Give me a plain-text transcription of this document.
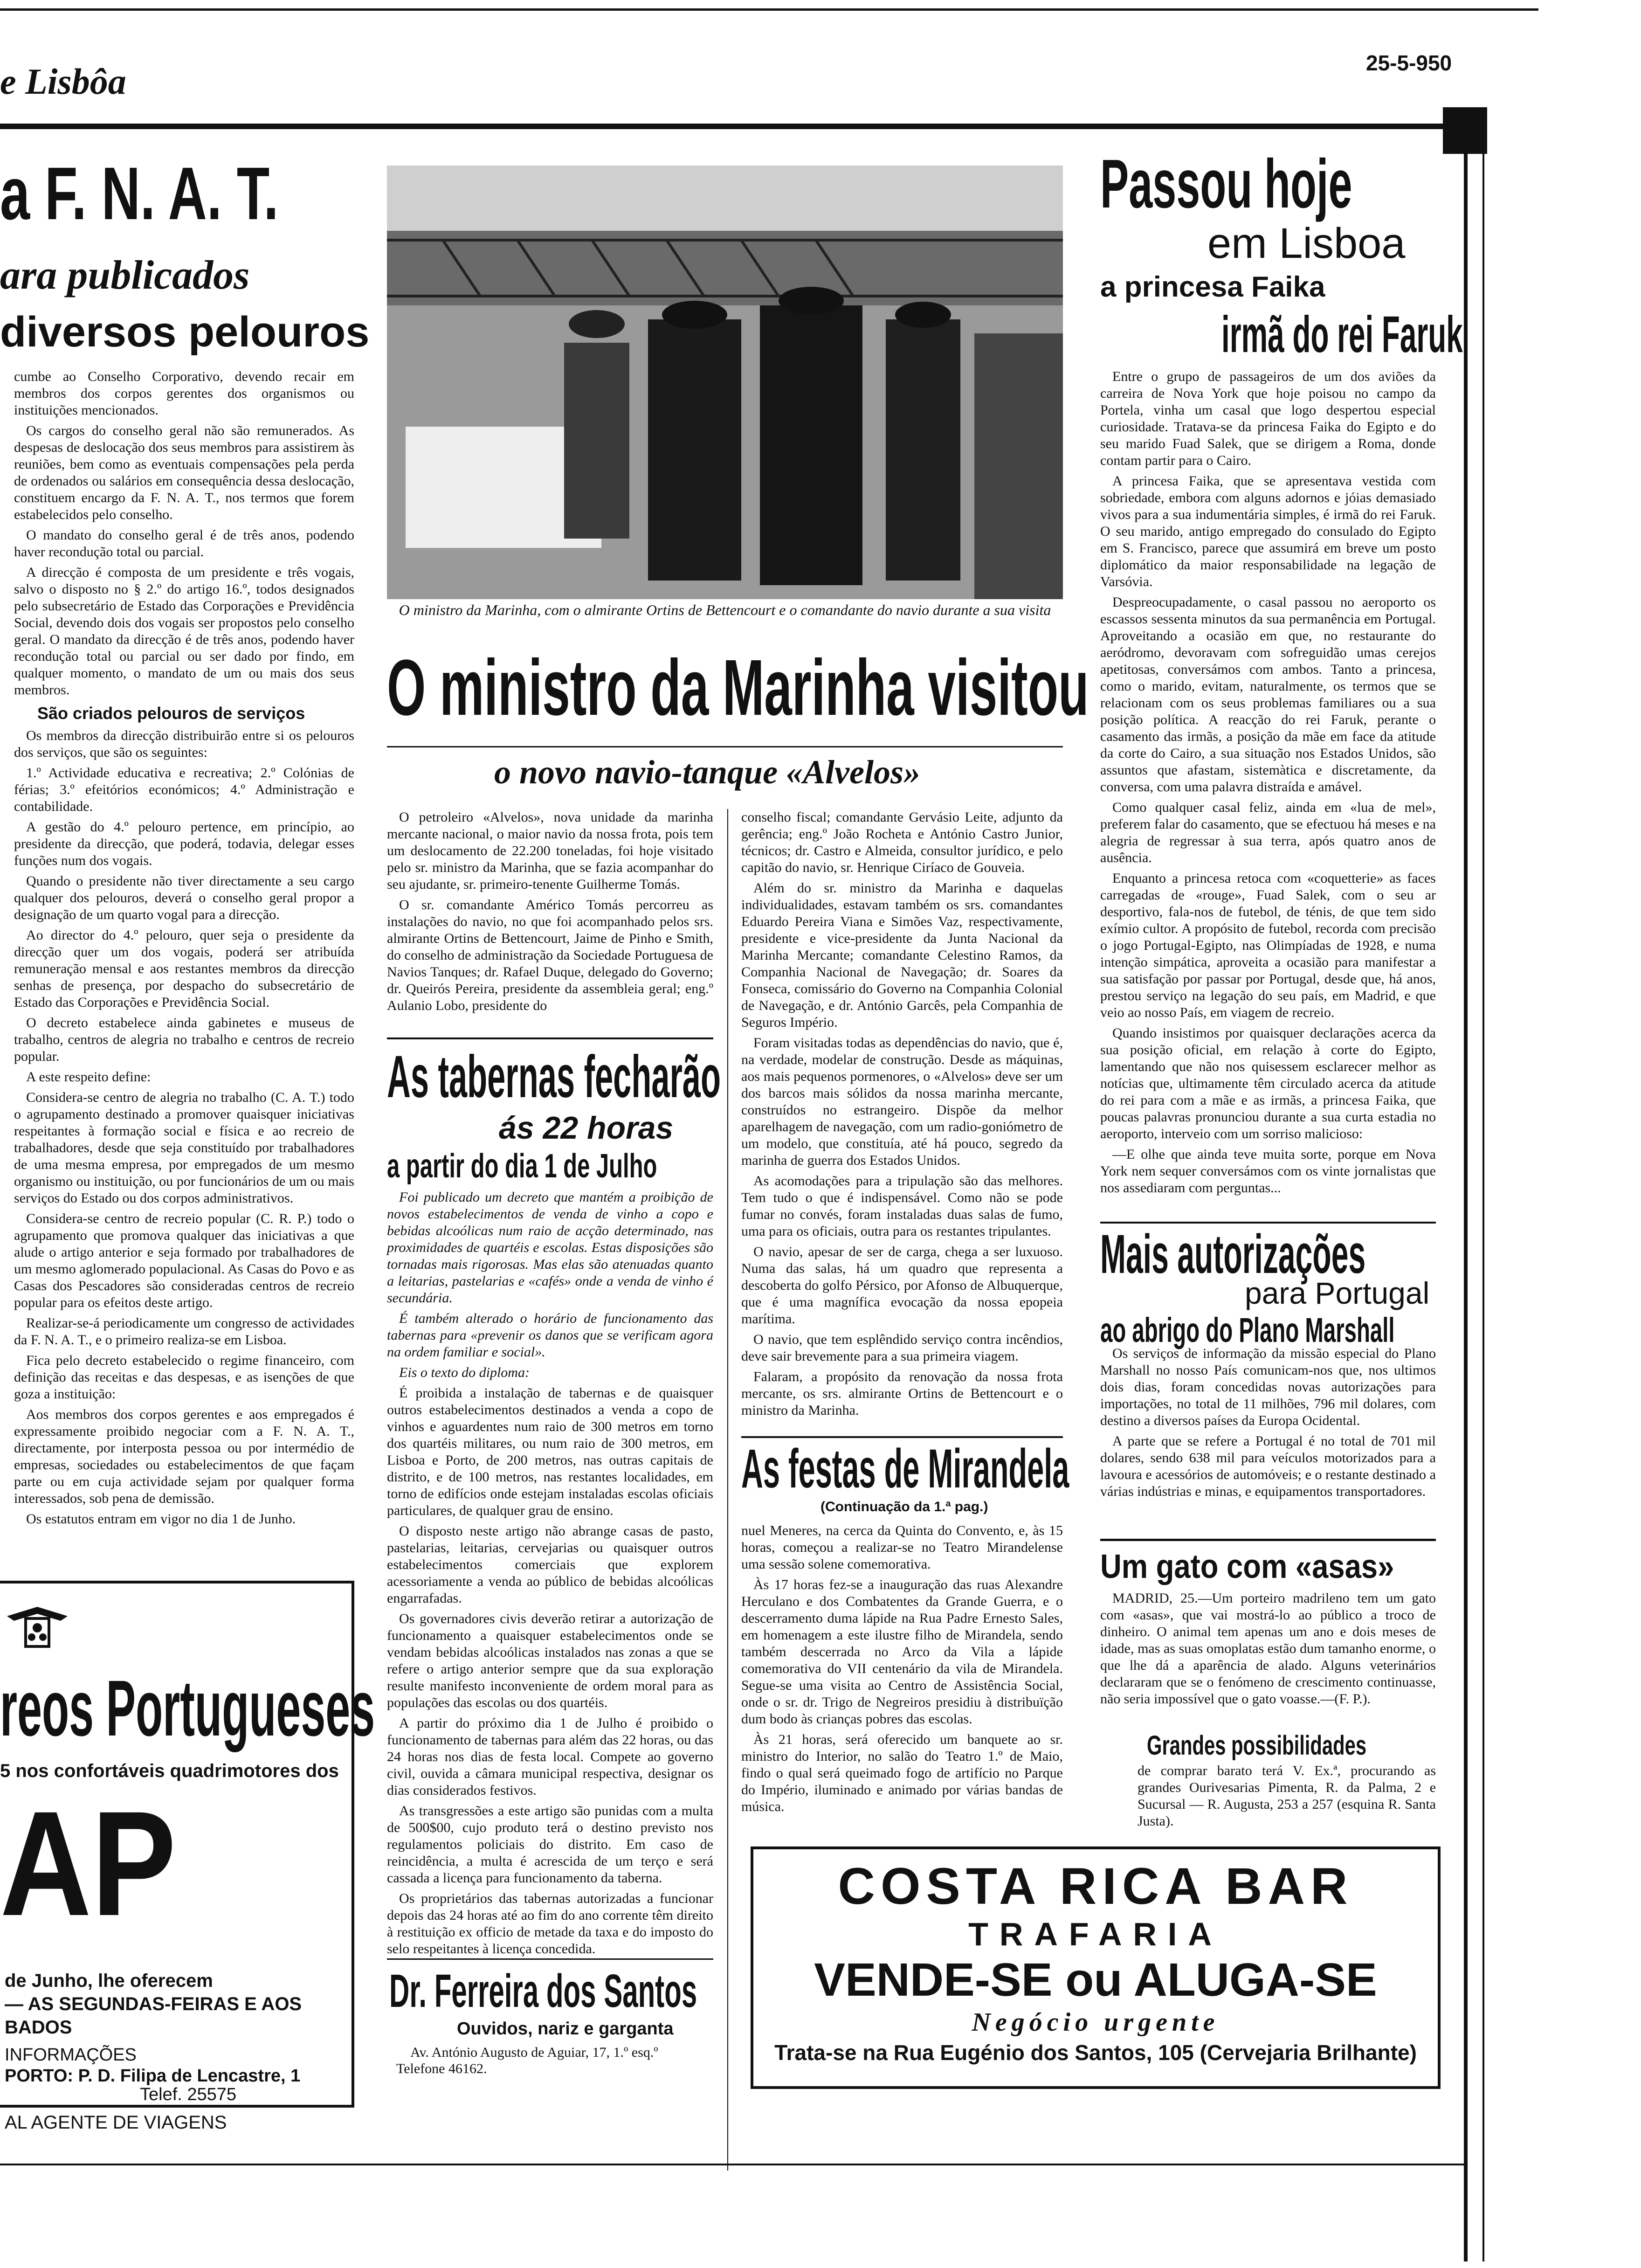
e Lisbôa	25-5-950
a F. N. A. T.
ara publicados
diversos pelouros

cumbe ao Conselho Corporativo, devendo recair em membros dos corpos gerentes dos organismos ou instituições mencionados.

Os cargos do conselho geral não são remunerados. As despesas de deslocação dos seus membros para assistirem às reuniões, bem como as eventuais compensações pela perda de ordenados ou salários em consequência dessa deslocação, constituem encargo da F. N. A. T., nos termos que forem estabelecidos pelo conselho.

O mandato do conselho geral é de três anos, podendo haver recondução total ou parcial.

A direcção é composta de um presidente e três vogais, salvo o disposto no § 2.º do artigo 16.º, todos designados pelo subsecretário de Estado das Corporações e Previdência Social, devendo dois dos vogais ser propostos pelo conselho geral. O mandato da direcção é de três anos, podendo haver recondução total ou parcial ou ser dado por findo, em qualquer momento, o mandato de um ou mais dos seus membros.

São criados pelouros de serviços

Os membros da direcção distribuirão entre si os pelouros dos serviços, que são os seguintes:

1.º Actividade educativa e recreativa; 2.º Colónias de férias; 3.º efeitórios económicos; 4.º Administração e contabilidade.

A gestão do 4.º pelouro pertence, em princípio, ao presidente da direcção, que poderá, todavia, delegar esses funções num dos vogais.

Quando o presidente não tiver directamente a seu cargo qualquer dos pelouros, deverá o conselho geral propor a designação de um quarto vogal para a direcção.

Ao director do 4.º pelouro, quer seja o presidente da direcção quer um dos vogais, poderá ser atribuída remuneração mensal e aos restantes membros da direcção senhas de presença, por despacho do subsecretário de Estado das Corporações e Previdência Social.

O decreto estabelece ainda gabinetes e museus de trabalho, centros de alegria no trabalho e centros de recreio popular.

A este respeito define:

Considera-se centro de alegria no trabalho (C. A. T.) todo o agrupamento destinado a promover quaisquer iniciativas respeitantes à formação social e física e ao recreio de trabalhadores, desde que seja constituído por trabalhadores de uma mesma empresa, por empregados de um mesmo organismo ou instituição, ou por funcionários de um ou mais serviços do Estado ou dos corpos administrativos.

Considera-se centro de recreio popular (C. R. P.) todo o agrupamento que promova qualquer das iniciativas a que alude o artigo anterior e seja formado por trabalhadores de um mesmo aglomerado populacional. As Casas do Povo e as Casas dos Pescadores são consideradas centros de recreio popular para os efeitos deste artigo.

Realizar-se-á periodicamente um congresso de actividades da F. N. A. T., e o primeiro realiza-se em Lisboa.

Fica pelo decreto estabelecido o regime financeiro, com definição das receitas e das despesas, e as isenções de que goza a instituição:

Aos membros dos corpos gerentes e aos empregados é expressamente proibido negociar com a F. N. A. T., directamente, por interposta pessoa ou por intermédio de empresas, sociedades ou estabelecimentos de que façam parte ou em cuja actividade sejam por qualquer forma interessados, sob pena de demissão.

Os estatutos entram em vigor no dia 1 de Junho.

reos Portugueses
5 nos confortáveis quadrimotores dos
AP
de Junho, lhe oferecem
— AS SEGUNDAS-FEIRAS E AOS
BADOS
INFORMAÇÕES
PORTO: P. D. Filipa de Lencastre, 1
Telef. 25575
AL AGENTE DE VIAGENS
O ministro da Marinha, com o almirante Ortins de Bettencourt e o comandante do navio durante a sua visita
O ministro da Marinha visitou
o novo navio-tanque «Alvelos»

O petroleiro «Alvelos», nova unidade da marinha mercante nacional, o maior navio da nossa frota, pois tem um deslocamento de 22.200 toneladas, foi hoje visitado pelo sr. ministro da Marinha, que se fazia acompanhar do seu ajudante, sr. primeiro-tenente Guilherme Tomás.

O sr. comandante Américo Tomás percorreu as instalações do navio, no que foi acompanhado pelos srs. almirante Ortins de Bettencourt, Jaime de Pinho e Smith, do conselho de administração da Sociedade Portuguesa de Navios Tanques; dr. Rafael Duque, delegado do Governo; dr. Queirós Pereira, presidente da assembleia geral; eng.º Aulanio Lobo, presidente do

conselho fiscal; comandante Gervásio Leite, adjunto da gerência; eng.º João Rocheta e António Castro Junior, técnicos; dr. Castro e Almeida, consultor jurídico, e pelo capitão do navio, sr. Henrique Ciríaco de Gouveia.

Além do sr. ministro da Marinha e daquelas individualidades, estavam também os srs. comandantes Eduardo Pereira Viana e Simões Vaz, respectivamente, presidente e vice-presidente da Junta Nacional da Marinha Mercante; comandante Celestino Ramos, da Companhia Nacional de Navegação; dr. Soares da Fonseca, comissário do Governo na Companhia Colonial de Navegação, e dr. António Garcês, pela Companhia de Seguros Império.

Foram visitadas todas as dependências do navio, que é, na verdade, modelar de construção. Desde as máquinas, aos mais pequenos pormenores, o «Alvelos» deve ser um dos barcos mais sólidos da nossa marinha mercante, construídos no estrangeiro. Dispõe da melhor aparelhagem de navegação, com um radio-goniómetro de um modelo, que constituía, até há pouco, segredo da marinha de guerra dos Estados Unidos.

As acomodações para a tripulação são das melhores. Tem tudo o que é indispensável. Como não se pode fumar no convés, foram instaladas duas salas de fumo, uma para os oficiais, outra para os restantes tripulantes.

O navio, apesar de ser de carga, chega a ser luxuoso. Numa das salas, há um quadro que representa a descoberta do golfo Pérsico, por Afonso de Albuquerque, que é uma magnífica evocação da nossa epopeia marítima.

O navio, que tem esplêndido serviço contra incêndios, deve sair brevemente para a sua primeira viagem.

Falaram, a propósito da renovação da nossa frota mercante, os srs. almirante Ortins de Bettencourt e o ministro da Marinha.

As tabernas fecharão
ás 22 horas
a partir do dia 1 de Julho

Foi publicado um decreto que mantém a proibição de novos estabelecimentos de venda de vinho a copo e bebidas alcoólicas num raio de acção determinado, nas proximidades de quartéis e escolas. Estas disposições são tornadas mais rigorosas. Mas elas são atenuadas quanto a leitarias, pastelarias e «cafés» onde a venda de vinho é secundária.

É também alterado o horário de funcionamento das tabernas para «prevenir os danos que se verificam agora na ordem familiar e social».

Eis o texto do diploma:

É proibida a instalação de tabernas e de quaisquer outros estabelecimentos destinados a venda a copo de vinhos e aguardentes num raio de 300 metros em torno dos quartéis militares, ou num raio de 300 metros, em Lisboa e Porto, de 200 metros, nas outras capitais de distrito, e de 100 metros, nas restantes localidades, em torno de edifícios onde estejam instaladas escolas oficiais particulares, de qualquer grau de ensino.

O disposto neste artigo não abrange casas de pasto, pastelarias, leitarias, cervejarias ou quaisquer outros estabelecimentos comerciais que explorem acessoriamente a venda ao público de bebidas alcoólicas engarrafadas.

Os governadores civis deverão retirar a autorização de funcionamento a quaisquer estabelecimentos onde se vendam bebidas alcoólicas instalados nas zonas a que se refere o artigo anterior sempre que da sua exploração resulte manifesto inconveniente de ordem moral para as populações das escolas ou dos quartéis.

A partir do próximo dia 1 de Julho é proibido o funcionamento de tabernas para além das 22 horas, ou das 24 horas nos dias de festa local. Compete ao governo civil, ouvida a câmara municipal respectiva, designar os dias considerados festivos.

As transgressões a este artigo são punidas com a multa de 500$00, cujo produto terá o destino previsto nos regulamentos policiais do distrito. Em caso de reincidência, a multa é acrescida de um terço e será cassada a licença para funcionamento da taberna.

Os proprietários das tabernas autorizadas a funcionar depois das 24 horas até ao fim do ano corrente têm direito à restituição ex officio de metade da taxa e do imposto do selo respeitantes à licença concedida.

Dr. Ferreira dos Santos
Ouvidos, nariz e garganta
Av. António Augusto de Aguiar, 17, 1.º esq.º
Telefone 46162.
As festas de Mirandela
(Continuação da 1.ª pag.)

nuel Meneres, na cerca da Quinta do Convento, e, às 15 horas, começou a realizar-se no Teatro Mirandelense uma sessão solene comemorativa.

Às 17 horas fez-se a inauguração das ruas Alexandre Herculano e dos Combatentes da Grande Guerra, e o descerramento duma lápide na Rua Padre Ernesto Sales, em homenagem a este ilustre filho de Mirandela, sendo também descerrada no Arco da Vila a lápide comemorativa do VII centenário da vila de Mirandela. Segue-se uma visita ao Centro de Assistência Social, onde o sr. dr. Trigo de Negreiros presidiu à distribuïção dum bodo às crianças pobres das escolas.

Às 21 horas, será oferecido um banquete ao sr. ministro do Interior, no salão do Teatro 1.º de Maio, findo o qual será queimado fogo de artifício no Parque do Império, iluminado e animado por várias bandas de música.

Passou hoje
em Lisboa
a princesa Faika
irmã do rei Faruk

Entre o grupo de passageiros de um dos aviões da carreira de Nova York que hoje poisou no campo da Portela, vinha um casal que logo despertou especial curiosidade. Tratava-se da princesa Faika do Egipto e do seu marido Fuad Salek, que se dirigem a Roma, donde contam partir para o Cairo.

A princesa Faika, que se apresentava vestida com sobriedade, embora com alguns adornos e jóias demasiado vivos para a sua indumentária simples, é irmã do rei Faruk. O seu marido, antigo empregado do consulado do Egipto em S. Francisco, parece que assumirá em breve um posto diplomático da maior responsabilidade na legação de Varsóvia.

Despreocupadamente, o casal passou no aeroporto os escassos sessenta minutos da sua permanência em Portugal. Aproveitando a ocasião em que, no restaurante do aeródromo, devoravam com sofreguidão umas cerejos apetitosas, conversámos com ambos. Tanto a princesa, como o marido, evitam, naturalmente, os termos que se relacionam com os seus problemas familiares ou a sua posição política. A reacção do rei Faruk, perante o casamento das irmãs, a posição da mãe em face da atitude da corte do Cairo, a sua situação nos Estados Unidos, são assuntos que afastam, sistemàtica e discretamente, da conversa, com uma palavra distraída e amável.

Como qualquer casal feliz, ainda em «lua de mel», preferem falar do casamento, que se efectuou há meses e na alegria de regressar à sua terra, após quatro anos de ausência.

Enquanto a princesa retoca com «coquetterie» as faces carregadas de «rouge», Fuad Salek, com o seu ar desportivo, fala-nos de futebol, de ténis, de que tem sido exímio cultor. A propósito de futebol, recorda com precisão o jogo Portugal-Egipto, nas Olimpíadas de 1928, e numa intenção simpática, aproveita a ocasião para manifestar a sua satisfação por passar por Portugal, desde que, há anos, prestou serviço na legação do seu país, em Madrid, e que veio ao nosso País, em viagem de recreio.

Quando insistimos por quaisquer declarações acerca da sua posição oficial, em relação à corte do Egipto, lamentando que não nos quisessem esclarecer melhor as notícias que, ultimamente têm circulado acerca da atitude do rei para com a mãe e as irmãs, a princesa Faika, que poucas palavras pronunciou durante a sua curta estadia no aeroporto, interveio com um sorriso malicioso:

—E olhe que ainda teve muita sorte, porque em Nova York nem sequer conversámos com os vinte jornalistas que nos assediaram com perguntas...

Mais autorizações
para Portugal
ao abrigo do Plano Marshall

Os serviços de informação da missão especial do Plano Marshall no nosso País comunicam-nos que, nos ultimos dois dias, foram concedidas novas autorizações para importações, no total de 11 milhões, 796 mil dolares, com destino a diversos países da Europa Ocidental.

A parte que se refere a Portugal é no total de 701 mil dolares, sendo 638 mil para veículos motorizados para a lavoura e acessórios de automóveis; e o restante destinado a várias indústrias e minas, e equipamentos transportadores.

Um gato com «asas»

MADRID, 25.—Um porteiro madrileno tem um gato com «asas», que vai mostrá-lo ao público a troco de dinheiro. O animal tem apenas um ano e dois meses de idade, mas as suas omoplatas estão dum tamanho enorme, o que lhe dá a aparência de alado. Alguns veterinários declararam que se o fenómeno de crescimento continuasse, não seria impossível que o gato voasse.—(F. P.).

Grandes possibilidades

de comprar barato terá V. Ex.ª, procurando as grandes Ourivesarias Pimenta, R. da Palma, 2 e Sucursal — R. Augusta, 253 a 257 (esquina R. Santa Justa).

COSTA RICA BAR
TRAFARIA
VENDE-SE ou ALUGA-SE
Negócio urgente
Trata-se na Rua Eugénio dos Santos, 105 (Cervejaria Brilhante)
